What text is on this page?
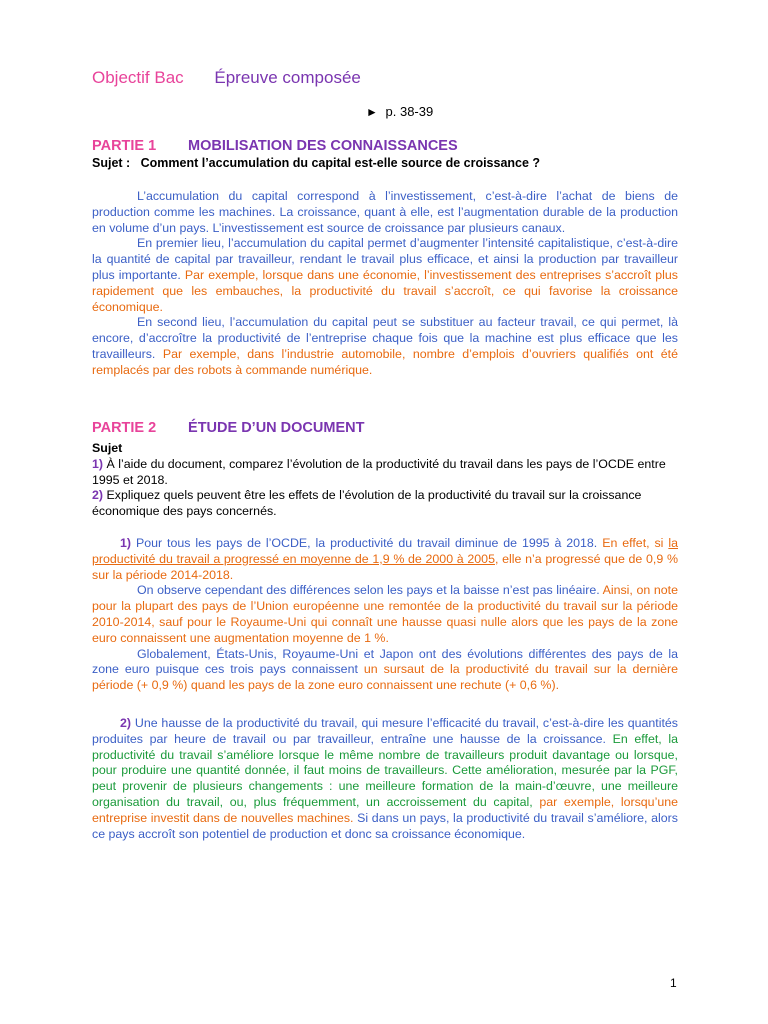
Objectif Bac Épreuve composée
► p. 38-39
PARTIE 1 MOBILISATION DES CONNAISSANCES
Sujet : Comment l’accumulation du capital est-elle source de croissance ?
L’accumulation du capital correspond à l’investissement, c’est-à-dire l’achat de biens de production comme les machines. La croissance, quant à elle, est l’augmentation durable de la production en volume d’un pays. L’investissement est source de croissance par plusieurs canaux.
En premier lieu, l’accumulation du capital permet d’augmenter l’intensité capitalistique, c’est-à-dire la quantité de capital par travailleur, rendant le travail plus efficace, et ainsi la production par travailleur plus importante. Par exemple, lorsque dans une économie, l’investissement des entreprises s’accroît plus rapidement que les embauches, la productivité du travail s’accroît, ce qui favorise la croissance économique.
En second lieu, l’accumulation du capital peut se substituer au facteur travail, ce qui permet, là encore, d’accroître la productivité de l’entreprise chaque fois que la machine est plus efficace que les travailleurs. Par exemple, dans l’industrie automobile, nombre d’emplois d’ouvriers qualifiés ont été remplacés par des robots à commande numérique.
PARTIE 2 ÉTUDE D’UN DOCUMENT
Sujet
1) À l’aide du document, comparez l’évolution de la productivité du travail dans les pays de l’OCDE entre 1995 et 2018.
2) Expliquez quels peuvent être les effets de l’évolution de la productivité du travail sur la croissance économique des pays concernés.
1) Pour tous les pays de l’OCDE, la productivité du travail diminue de 1995 à 2018. En effet, si la productivité du travail a progressé en moyenne de 1,9 % de 2000 à 2005, elle n’a progressé que de 0,9 % sur la période 2014-2018.
On observe cependant des différences selon les pays et la baisse n’est pas linéaire. Ainsi, on note pour la plupart des pays de l’Union européenne une remontée de la productivité du travail sur la période 2010-2014, sauf pour le Royaume-Uni qui connaît une hausse quasi nulle alors que les pays de la zone euro connaissent une augmentation moyenne de 1 %.
Globalement, États-Unis, Royaume-Uni et Japon ont des évolutions différentes des pays de la zone euro puisque ces trois pays connaissent un sursaut de la productivité du travail sur la dernière période (+ 0,9 %) quand les pays de la zone euro connaissent une rechute (+ 0,6 %).
2) Une hausse de la productivité du travail, qui mesure l’efficacité du travail, c’est-à-dire les quantités produites par heure de travail ou par travailleur, entraîne une hausse de la croissance. En effet, la productivité du travail s’améliore lorsque le même nombre de travailleurs produit davantage ou lorsque, pour produire une quantité donnée, il faut moins de travailleurs. Cette amélioration, mesurée par la PGF, peut provenir de plusieurs changements : une meilleure formation de la main-d’œuvre, une meilleure organisation du travail, ou, plus fréquemment, un accroissement du capital, par exemple, lorsqu’une entreprise investit dans de nouvelles machines. Si dans un pays, la productivité du travail s’améliore, alors ce pays accroît son potentiel de production et donc sa croissance économique.
1
